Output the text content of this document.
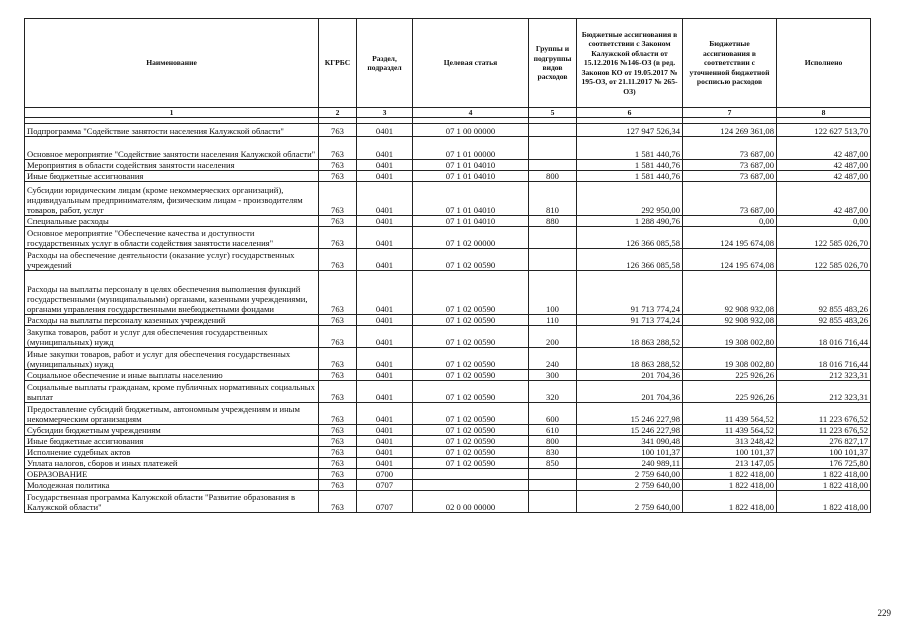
Наименование	КГРБС	Раздел, подраздел	Целевая статья	Группы и подгруппы видов расходов	Бюджетные ассигнования в соответствии с Законом Калужской области от 15.12.2016 №146-ОЗ (в ред. Законов КО от 19.05.2017 № 195-ОЗ, от 21.11.2017 № 265-ОЗ)	Бюджетные ассигнования в соответствии с уточненной бюджетной росписью расходов	Исполнено
1	2	3	4	5	6	7	8

Подпрограмма "Содействие занятости населения Калужской области"	763	0401	07 1 00 00000		127 947 526,34	124 269 361,08	122 627 513,70
Основное мероприятие "Содействие занятости населения Калужской области"	763	0401	07 1 01 00000		1 581 440,76	73 687,00	42 487,00
Мероприятия в области содействия занятости населения	763	0401	07 1 01 04010		1 581 440,76	73 687,00	42 487,00
Иные бюджетные ассигнования	763	0401	07 1 01 04010	800	1 581 440,76	73 687,00	42 487,00
Субсидии юридическим лицам (кроме некоммерческих организаций), индивидуальным предпринимателям, физическим лицам - производителям товаров, работ, услуг	763	0401	07 1 01 04010	810	292 950,00	73 687,00	42 487,00
Специальные расходы	763	0401	07 1 01 04010	880	1 288 490,76	0,00	0,00
Основное мероприятие "Обеспечение качества и доступности государственных услуг в области содействия занятости населения"	763	0401	07 1 02 00000		126 366 085,58	124 195 674,08	122 585 026,70
Расходы на обеспечение деятельности (оказание услуг) государственных учреждений	763	0401	07 1 02 00590		126 366 085,58	124 195 674,08	122 585 026,70
Расходы на выплаты персоналу в целях обеспечения выполнения функций государственными (муниципальными) органами, казенными учреждениями, органами управления государственными внебюджетными фондами	763	0401	07 1 02 00590	100	91 713 774,24	92 908 932,08	92 855 483,26
Расходы на выплаты персоналу казенных учреждений	763	0401	07 1 02 00590	110	91 713 774,24	92 908 932,08	92 855 483,26
Закупка товаров, работ и услуг для обеспечения государственных (муниципальных) нужд	763	0401	07 1 02 00590	200	18 863 288,52	19 308 002,80	18 016 716,44
Иные закупки товаров, работ и услуг для обеспечения государственных (муниципальных) нужд	763	0401	07 1 02 00590	240	18 863 288,52	19 308 002,80	18 016 716,44
Социальное обеспечение и иные выплаты населению	763	0401	07 1 02 00590	300	201 704,36	225 926,26	212 323,31
Социальные выплаты гражданам, кроме публичных нормативных социальных выплат	763	0401	07 1 02 00590	320	201 704,36	225 926,26	212 323,31
Предоставление субсидий бюджетным, автономным учреждениям и иным некоммерческим организациям	763	0401	07 1 02 00590	600	15 246 227,98	11 439 564,52	11 223 676,52
Субсидии бюджетным учреждениям	763	0401	07 1 02 00590	610	15 246 227,98	11 439 564,52	11 223 676,52
Иные бюджетные ассигнования	763	0401	07 1 02 00590	800	341 090,48	313 248,42	276 827,17
Исполнение судебных актов	763	0401	07 1 02 00590	830	100 101,37	100 101,37	100 101,37
Уплата налогов, сборов и иных платежей	763	0401	07 1 02 00590	850	240 989,11	213 147,05	176 725,80
ОБРАЗОВАНИЕ	763	0700			2 759 640,00	1 822 418,00	1 822 418,00
Молодежная политика	763	0707			2 759 640,00	1 822 418,00	1 822 418,00
Государственная программа Калужской области "Развитие образования в Калужской области"	763	0707	02 0 00 00000		2 759 640,00	1 822 418,00	1 822 418,00
229
